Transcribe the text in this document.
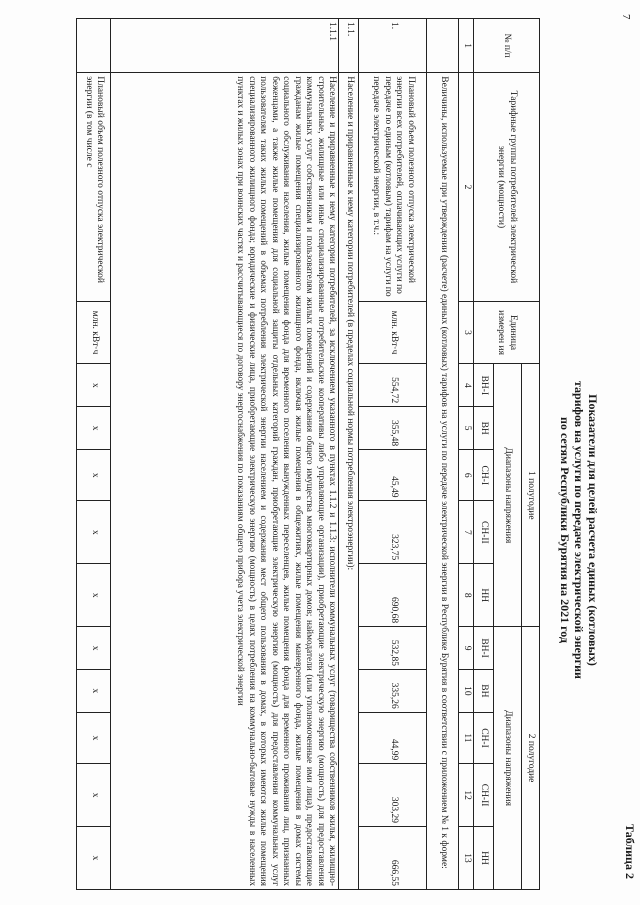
7
Таблица 2
Показатели для целей расчета единых (котловых)
тарифов на услуги по передаче электрической энергии
по сетям Республики Бурятия на 2021 год
№ п/п	Тарифные группы потребителей электрической энергии (мощности)	Единица измерен ия	1 полугодие					2 полугодие				
			Диапазоны напряжения					Диапазоны напряжения				
			ВН-I	ВН	СН-I	СН-II	НН	ВН-I	ВН	СН-I	СН-II	НН
1	2	3	4	5	6	7	8	9	10	11	12	13
	Величины, используемые при утверждении (расчете) единых (котловых) тарифов на услуги по передаче электрической энергии в Республике Бурятия в соответствии с приложением № 1 к форме:											
1.	Плановый объем полезного отпуска электрической энергии всех потребителей, оплачивающих услуги по передаче по единым (котловым) тарифам на услуги по передаче электрической энергии, в т.ч.:	млн. кВт·ч	554,72	355,48	45,49	323,75	690,68	532,85	335,26	44,99	303,29	666,55
1.1.	Население и приравненные к нему категории потребителей (в пределах социальной нормы потребления электроэнергии):											
1.1.1	Население и приравненные к нему категории потребителей, за исключением указанного в пунктах 1.1.2 и 1.1.3: исполнители коммунальных услуг (товарищества собственников жилья, жилищно-строительные, жилищные или иные специализированные потребительские кооперативы либо управляющие организации), приобретающие электрическую энергию (мощность) для предоставления коммунальных услуг собственникам и пользователям жилых помещений и содержания общего имущества многоквартирных домов; наймодатели (или уполномоченные ими лица), предоставляющие гражданам жилые помещения специализированного жилищного фонда, включая жилые помещения в общежитиях, жилые помещения маневренного фонда, жилые помещения в домах системы социального обслуживания населения, жилые помещения фонда для временного поселения вынужденных переселенцев, жилые помещения фонда для временного проживания лиц, признанных беженцами, а также жилые помещения для социальной защиты отдельных категорий граждан, приобретающие электрическую энергию (мощность) для предоставления коммунальных услуг пользователям таких жилых помещений в объемах потребления электрической энергии населением и содержания мест общего пользования в домах, в которых имеются жилые помещения специализированного жилищного фонда; юридические и физические лица, приобретающие электрическую энергию (мощность) в целях потребления на коммунально-бытовые нужды в населенных пунктах и жилых зонах при воинских частях и рассчитывающиеся по договору энергоснабжения по показаниям общего прибора учета электрической энергии											
	Плановый объем полезного отпуска электрической энергии (в том числе с	млн. кВт·ч	x	x	x	x	x	x	x	x	x	x
